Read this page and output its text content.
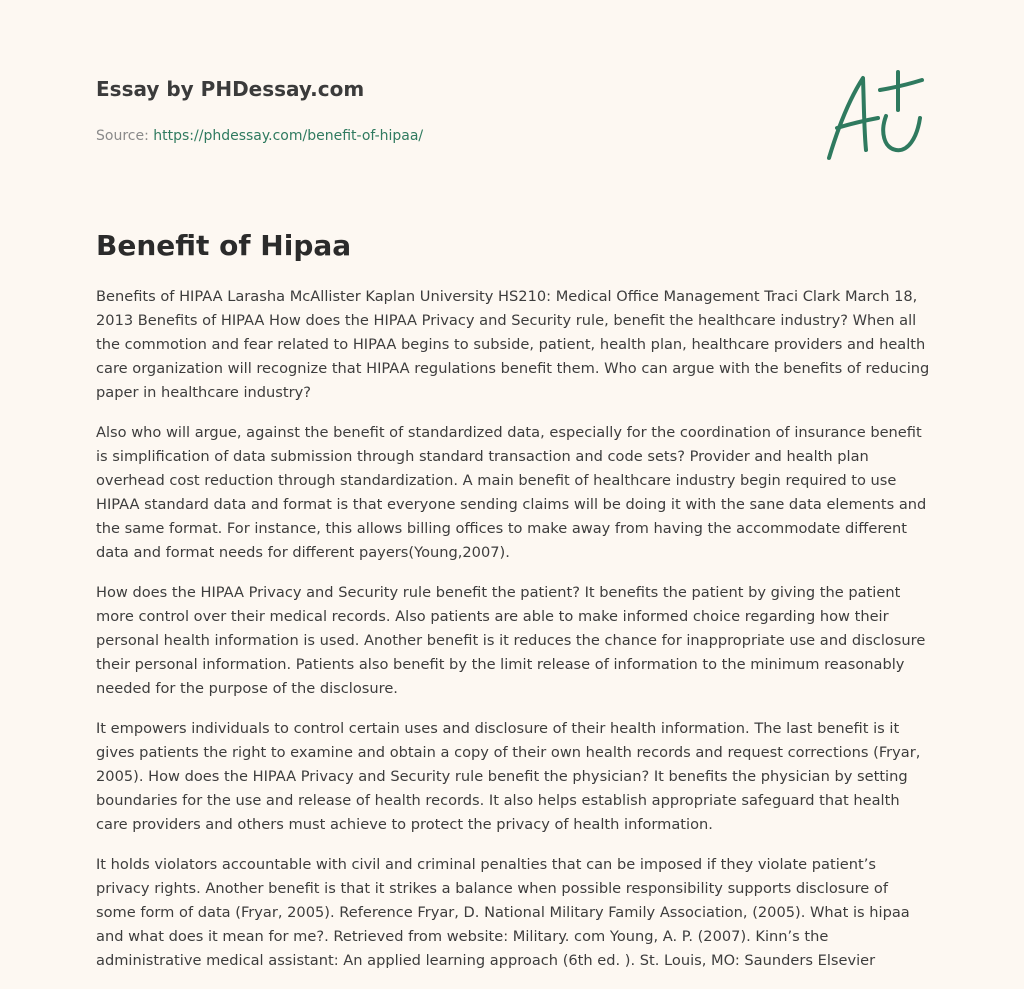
Essay by PHDessay.com
Source: https://phdessay.com/benefit-of-hipaa/
Benefit of Hipaa

Benefits of HIPAA Larasha McAllister Kaplan University HS210: Medical Office Management Traci Clark March 18, 2013 Benefits of HIPAA How does the HIPAA Privacy and Security rule, benefit the healthcare industry? When all the commotion and fear related to HIPAA begins to subside, patient, health plan, healthcare providers and health care organization will recognize that HIPAA regulations benefit them. Who can argue with the benefits of reducing paper in healthcare industry?

Also who will argue, against the benefit of standardized data, especially for the coordination of insurance benefit is simplification of data submission through standard transaction and code sets? Provider and health plan overhead cost reduction through standardization. A main benefit of healthcare industry begin required to use HIPAA standard data and format is that everyone sending claims will be doing it with the sane data elements and the same format. For instance, this allows billing offices to make away from having the accommodate different data and format needs for different payers(Young,2007).

How does the HIPAA Privacy and Security rule benefit the patient? It benefits the patient by giving the patient more control over their medical records. Also patients are able to make informed choice regarding how their personal health information is used. Another benefit is it reduces the chance for inappropriate use and disclosure their personal information. Patients also benefit by the limit release of information to the minimum reasonably needed for the purpose of the disclosure.

It empowers individuals to control certain uses and disclosure of their health information. The last benefit is it gives patients the right to examine and obtain a copy of their own health records and request corrections (Fryar, 2005). How does the HIPAA Privacy and Security rule benefit the physician? It benefits the physician by setting boundaries for the use and release of health records. It also helps establish appropriate safeguard that health care providers and others must achieve to protect the privacy of health information.

It holds violators accountable with civil and criminal penalties that can be imposed if they violate patient’s privacy rights. Another benefit is that it strikes a balance when possible responsibility supports disclosure of some form of data (Fryar, 2005). Reference Fryar, D. National Military Family Association, (2005). What is hipaa and what does it mean for me?. Retrieved from website: Military. com Young, A. P. (2007). Kinn’s the administrative medical assistant: An applied learning approach (6th ed. ). St. Louis, MO: Saunders Elsevier
